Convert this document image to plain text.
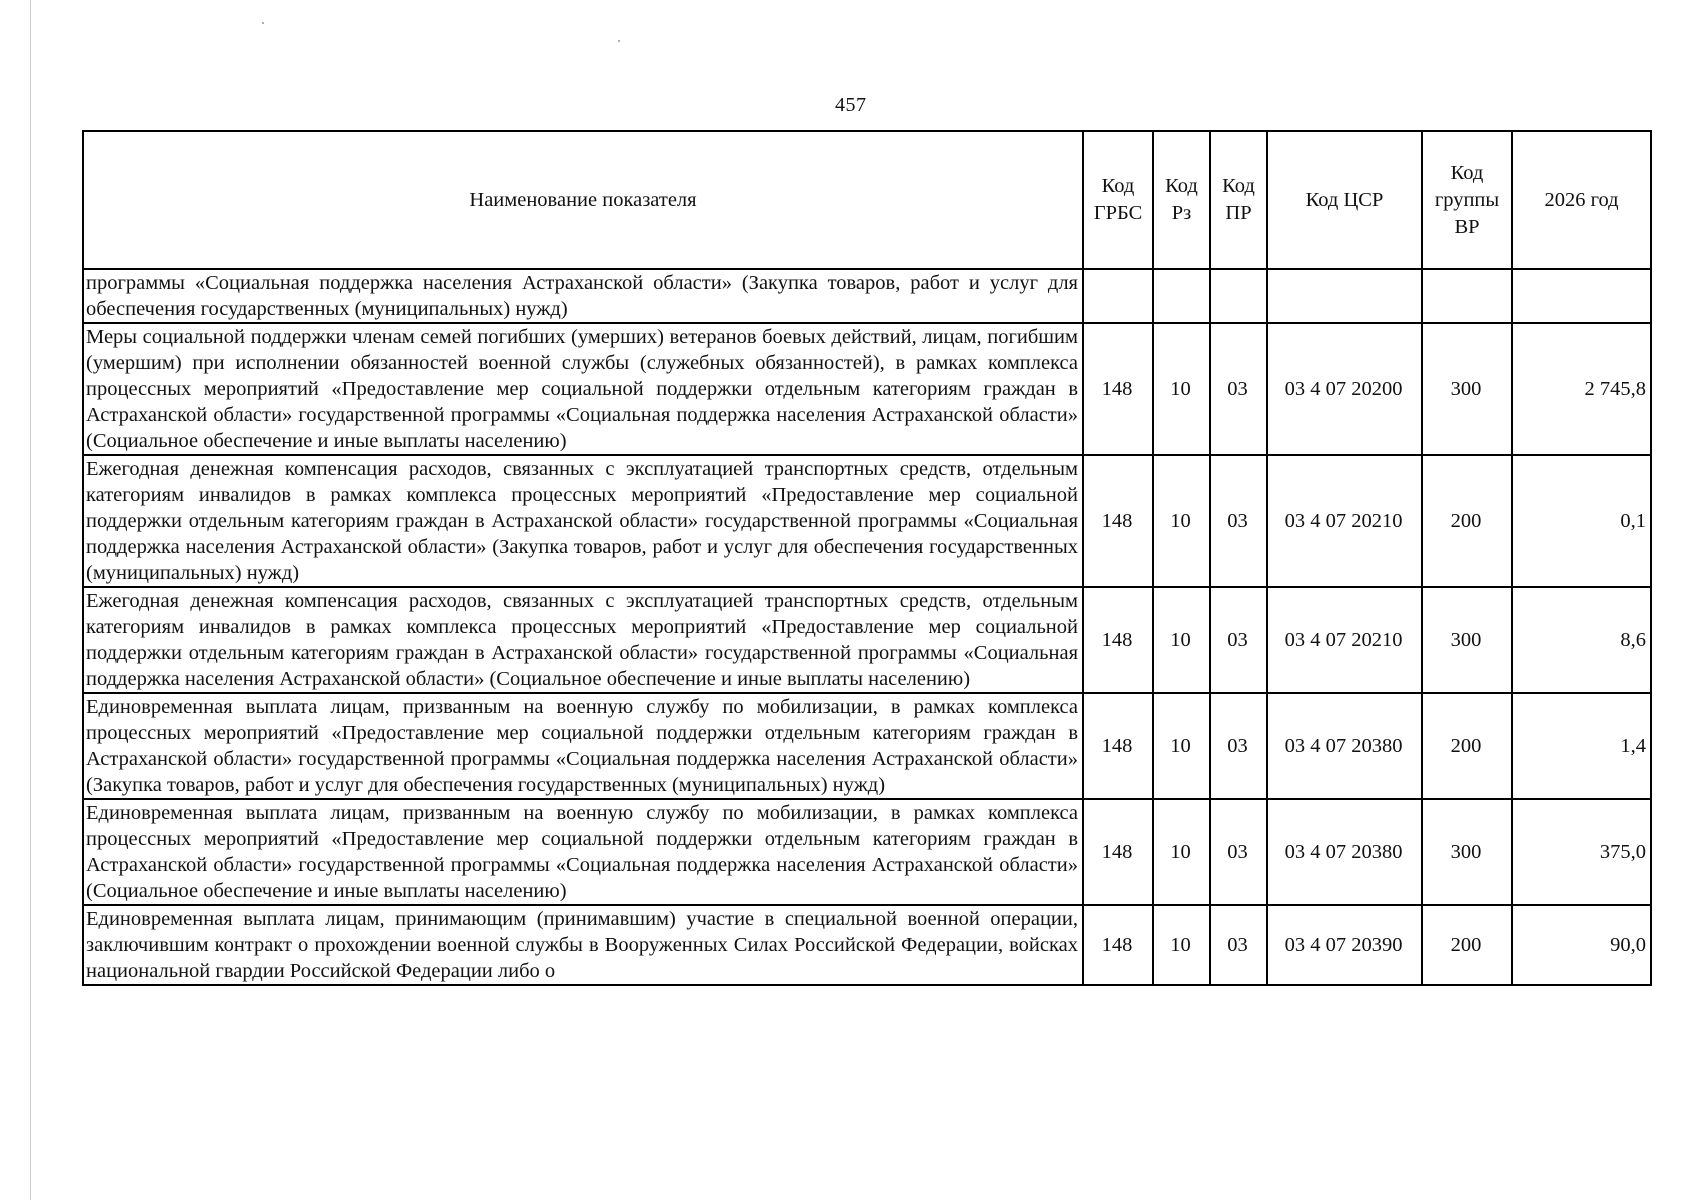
457
Наименование показателя	Код ГРБС	Код Рз	Код ПР	Код ЦСР	Код группы ВР	2026 год
программы «Социальная поддержка населения Астраханской области» (Закупка товаров, работ и услуг для обеспечения государственных (муниципальных) нужд)						
Меры социальной поддержки членам семей погибших (умерших) ветеранов боевых действий, лицам, погибшим (умершим) при исполнении обязанностей военной службы (служебных обязанностей), в рамках комплекса процессных мероприятий «Предоставление мер социальной поддержки отдельным категориям граждан в Астраханской области» государственной программы «Социальная поддержка населения Астраханской области» (Социальное обеспечение и иные выплаты населению)	148	10	03	03 4 07 20200	300	2 745,8
Ежегодная денежная компенсация расходов, связанных с эксплуатацией транспортных средств, отдельным категориям инвалидов в рамках комплекса процессных мероприятий «Предоставление мер социальной поддержки отдельным категориям граждан в Астраханской области» государственной программы «Социальная поддержка населения Астраханской области» (Закупка товаров, работ и услуг для обеспечения государственных (муниципальных) нужд)	148	10	03	03 4 07 20210	200	0,1
Ежегодная денежная компенсация расходов, связанных с эксплуатацией транспортных средств, отдельным категориям инвалидов в рамках комплекса процессных мероприятий «Предоставление мер социальной поддержки отдельным категориям граждан в Астраханской области» государственной программы «Социальная поддержка населения Астраханской области» (Социальное обеспечение и иные выплаты населению)	148	10	03	03 4 07 20210	300	8,6
Единовременная выплата лицам, призванным на военную службу по мобилизации, в рамках комплекса процессных мероприятий «Предоставление мер социальной поддержки отдельным категориям граждан в Астраханской области» государственной программы «Социальная поддержка населения Астраханской области» (Закупка товаров, работ и услуг для обеспечения государственных (муниципальных) нужд)	148	10	03	03 4 07 20380	200	1,4
Единовременная выплата лицам, призванным на военную службу по мобилизации, в рамках комплекса процессных мероприятий «Предоставление мер социальной поддержки отдельным категориям граждан в Астраханской области» государственной программы «Социальная поддержка населения Астраханской области» (Социальное обеспечение и иные выплаты населению)	148	10	03	03 4 07 20380	300	375,0
Единовременная выплата лицам, принимающим (принимавшим) участие в специальной военной операции, заключившим контракт о прохождении военной службы в Вооруженных Силах Российской Федерации, войсках национальной гвардии Российской Федерации либо о	148	10	03	03 4 07 20390	200	90,0
